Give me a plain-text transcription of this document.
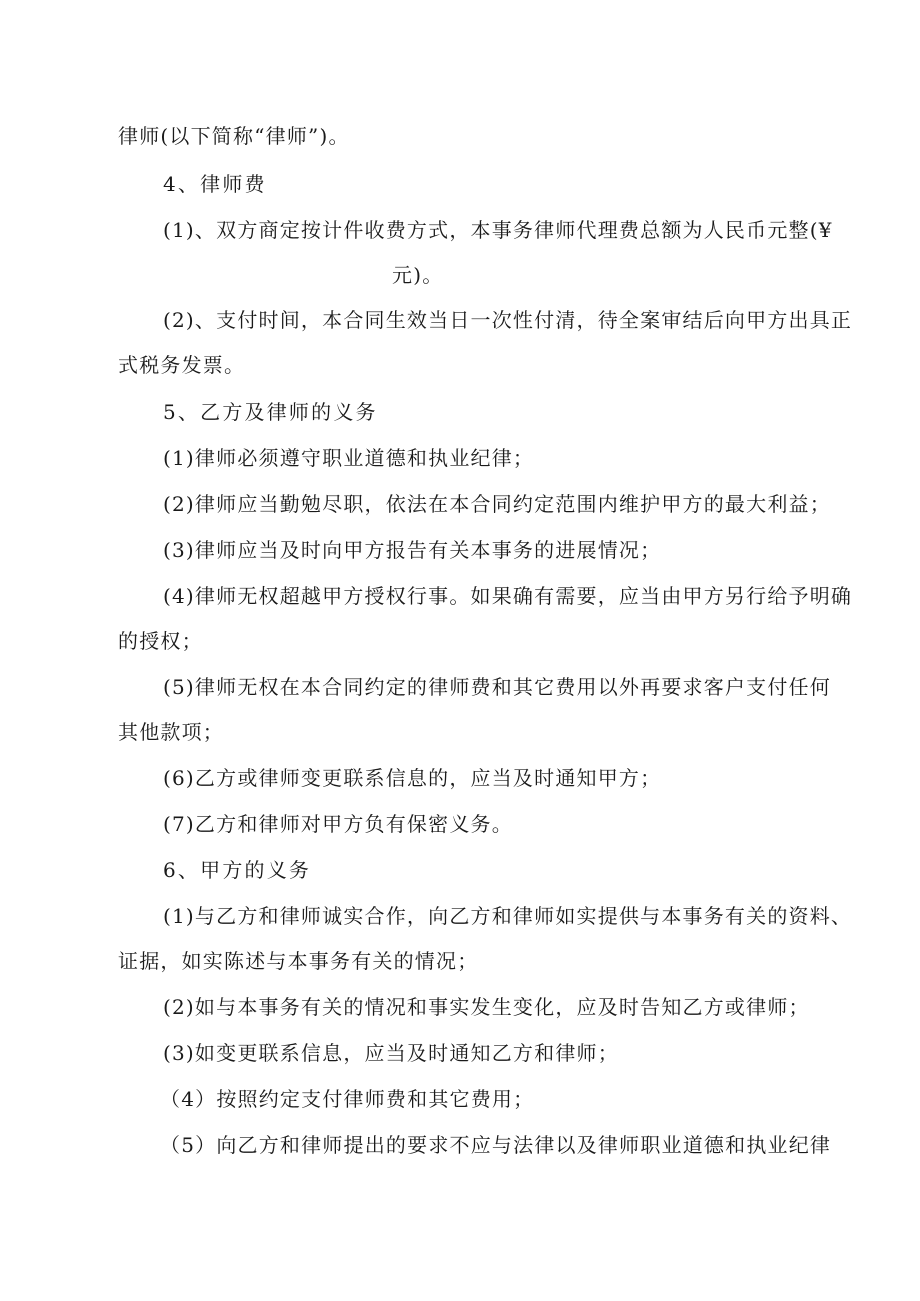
律师(以下简称“律师”)。
4、律师费
(1)、双方商定按计件收费方式，本事务律师代理费总额为人民币元整(¥
元)。
(2)、支付时间，本合同生效当日一次性付清，待全案审结后向甲方出具正
式税务发票。
5、乙方及律师的义务
(1)律师必须遵守职业道德和执业纪律；
(2)律师应当勤勉尽职，依法在本合同约定范围内维护甲方的最大利益；
(3)律师应当及时向甲方报告有关本事务的进展情况；
(4)律师无权超越甲方授权行事。如果确有需要，应当由甲方另行给予明确
的授权；
(5)律师无权在本合同约定的律师费和其它费用以外再要求客户支付任何
其他款项；
(6)乙方或律师变更联系信息的，应当及时通知甲方；
(7)乙方和律师对甲方负有保密义务。
6、甲方的义务
(1)与乙方和律师诚实合作，向乙方和律师如实提供与本事务有关的资料、
证据，如实陈述与本事务有关的情况；
(2)如与本事务有关的情况和事实发生变化，应及时告知乙方或律师；
(3)如变更联系信息，应当及时通知乙方和律师；
（4）按照约定支付律师费和其它费用；
（5）向乙方和律师提出的要求不应与法律以及律师职业道德和执业纪律
